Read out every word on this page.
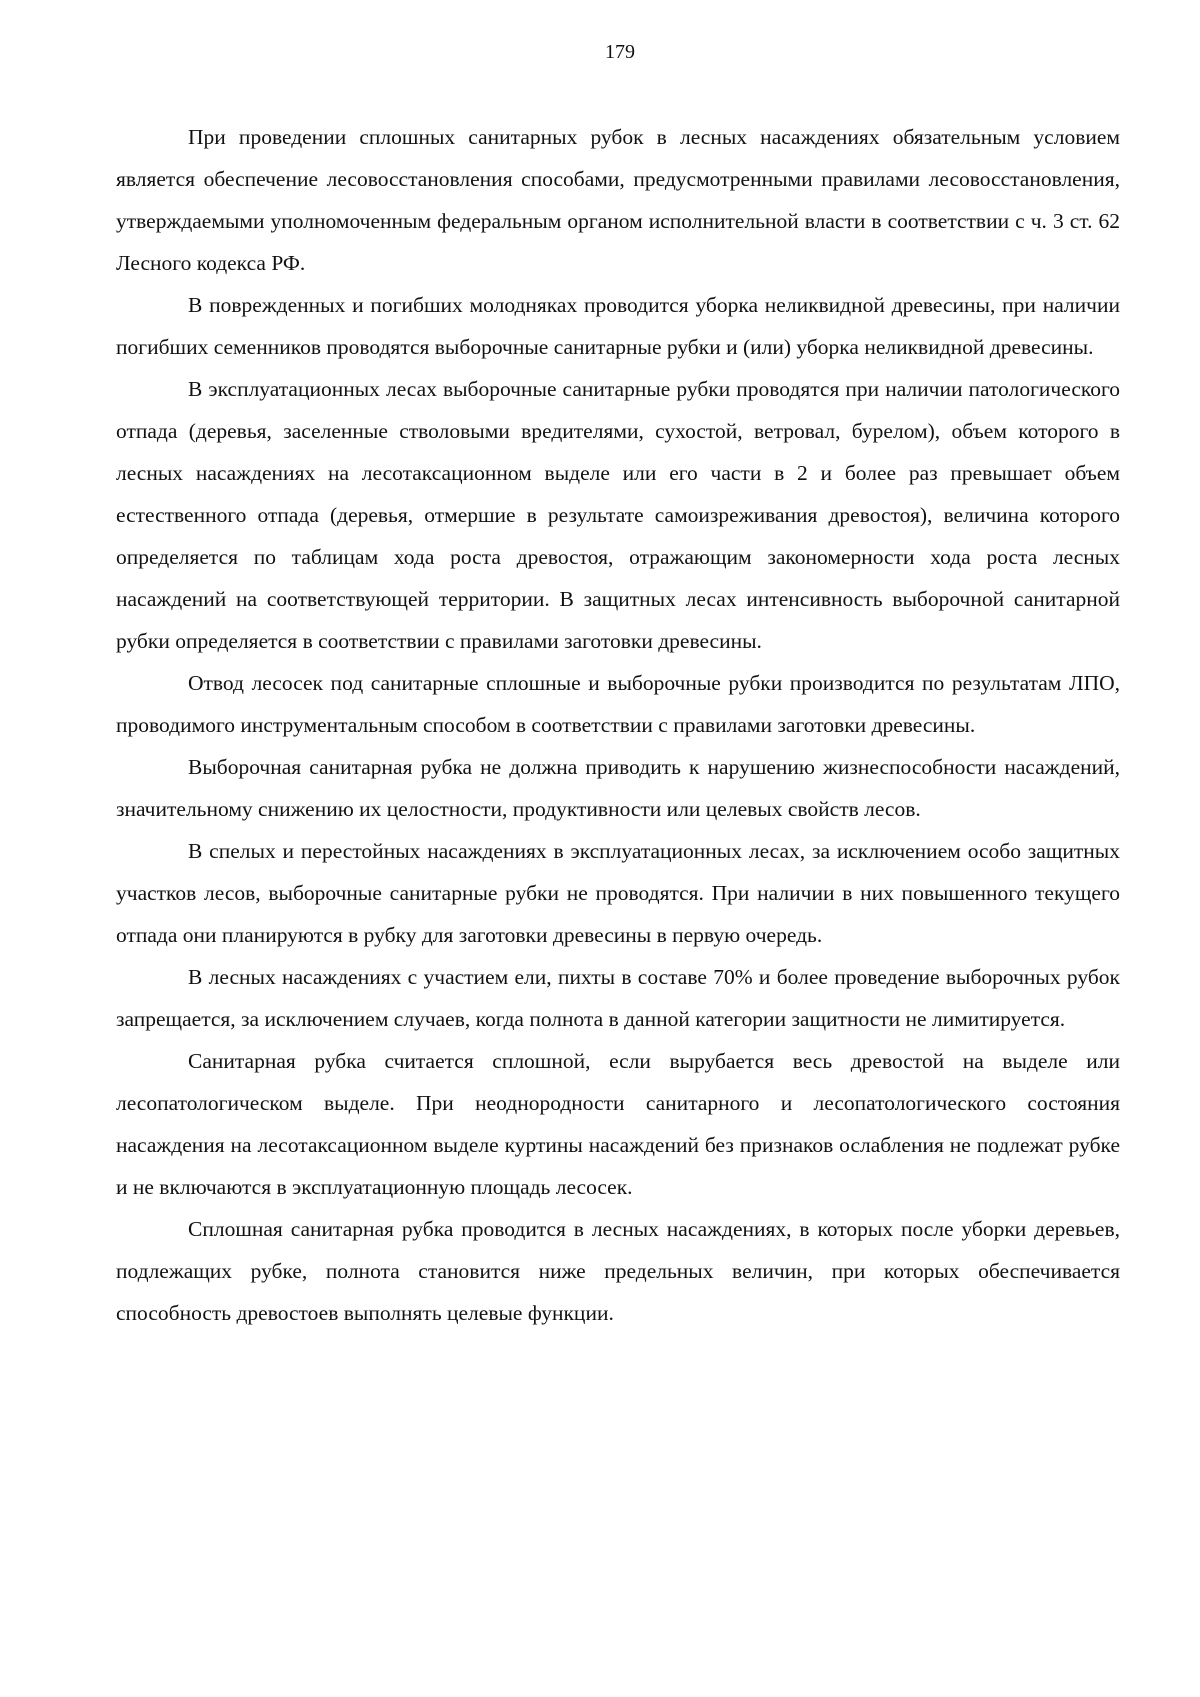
179

При проведении сплошных санитарных рубок в лесных насаждениях обязательным условием является обеспечение лесовосстановления способами, предусмотренными правилами лесовосстановления, утверждаемыми уполномоченным федеральным органом исполнительной власти в соответствии с ч. 3 ст. 62 Лесного кодекса РФ.

В поврежденных и погибших молодняках проводится уборка неликвидной древесины, при наличии погибших семенников проводятся выборочные санитарные рубки и (или) уборка неликвидной древесины.

В эксплуатационных лесах выборочные санитарные рубки проводятся при наличии патологического отпада (деревья, заселенные стволовыми вредителями, сухостой, ветровал, бурелом), объем которого в лесных насаждениях на лесотаксационном выделе или его части в 2 и более раз превышает объем естественного отпада (деревья, отмершие в результате самоизреживания древостоя), величина которого определяется по таблицам хода роста древостоя, отражающим закономерности хода роста лесных насаждений на соответствующей территории. В защитных лесах интенсивность выборочной санитарной рубки определяется в соответствии с правилами заготовки древесины.

Отвод лесосек под санитарные сплошные и выборочные рубки производится по результатам ЛПО, проводимого инструментальным способом в соответствии с правилами заготовки древесины.

Выборочная санитарная рубка не должна приводить к нарушению жизнеспособности насаждений, значительному снижению их целостности, продуктивности или целевых свойств лесов.

В спелых и перестойных насаждениях в эксплуатационных лесах, за исключением особо защитных участков лесов, выборочные санитарные рубки не проводятся. При наличии в них повышенного текущего отпада они планируются в рубку для заготовки древесины в первую очередь.

В лесных насаждениях с участием ели, пихты в составе 70% и более проведение выборочных рубок запрещается, за исключением случаев, когда полнота в данной категории защитности не лимитируется.

Санитарная рубка считается сплошной, если вырубается весь древостой на выделе или лесопатологическом выделе. При неоднородности санитарного и лесопатологического состояния насаждения на лесотаксационном выделе куртины насаждений без признаков ослабления не подлежат рубке и не включаются в эксплуатационную площадь лесосек.

Сплошная санитарная рубка проводится в лесных насаждениях, в которых после уборки деревьев, подлежащих рубке, полнота становится ниже предельных величин, при которых обеспечивается способность древостоев выполнять целевые функции.
